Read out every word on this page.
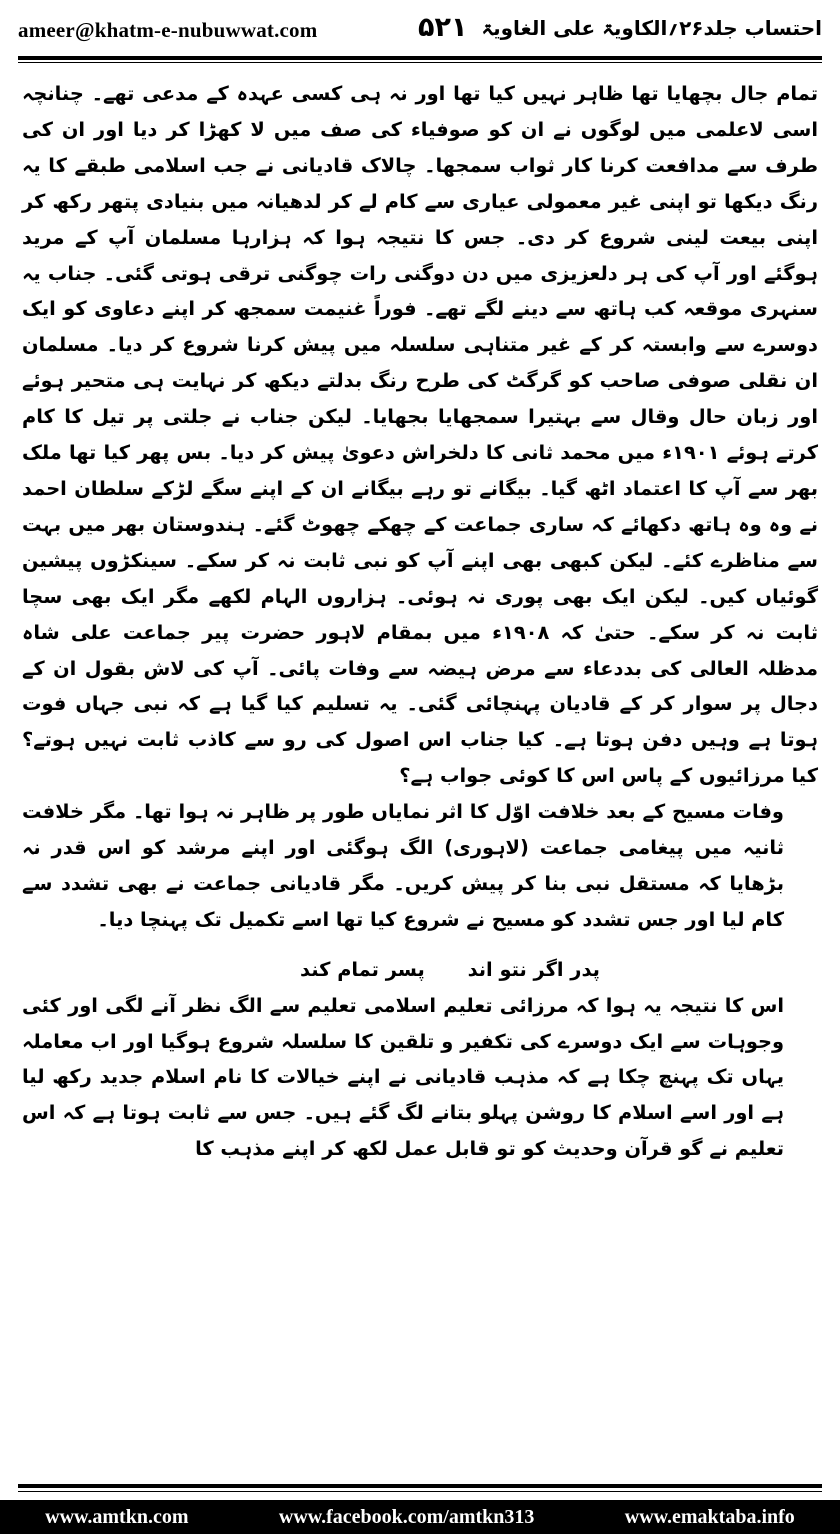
ameer@khatm-e-nubuwwat.com	۵۲۱ احتساب جلد۲۶؍الکاویۃ علی الغاویۃ

تمام جال بچھایا تھا ظاہر نہیں کیا تھا اور نہ ہی کسی عہدہ کے مدعی تھے۔ چنانچہ اسی لاعلمی میں لوگوں نے ان کو صوفیاء کی صف میں لا کھڑا کر دیا اور ان کی طرف سے مدافعت کرنا کار ثواب سمجھا۔ چالاک قادیانی نے جب اسلامی طبقے کا یہ رنگ دیکھا تو اپنی غیر معمولی عیاری سے کام لے کر لدھیانہ میں بنیادی پتھر رکھ کر اپنی بیعت لینی شروع کر دی۔ جس کا نتیجہ ہوا کہ ہزارہا مسلمان آپ کے مرید ہوگئے اور آپ کی ہر دلعزیزی میں دن دوگنی رات چوگنی ترقی ہوتی گئی۔ جناب یہ سنہری موقعہ کب ہاتھ سے دینے لگے تھے۔ فوراً غنیمت سمجھ کر اپنے دعاوی کو ایک دوسرے سے وابستہ کر کے غیر متناہی سلسلہ میں پیش کرنا شروع کر دیا۔ مسلمان ان نقلی صوفی صاحب کو گرگٹ کی طرح رنگ بدلتے دیکھ کر نہایت ہی متحیر ہوئے اور زبان حال وقال سے بہتیرا سمجھایا بجھایا۔ لیکن جناب نے جلتی پر تیل کا کام کرتے ہوئے ۱۹۰۱ء میں محمد ثانی کا دلخراش دعویٰ پیش کر دیا۔ بس پھر کیا تھا ملک بھر سے آپ کا اعتماد اٹھ گیا۔ بیگانے تو رہے بیگانے ان کے اپنے سگے لڑکے سلطان احمد نے وہ وہ ہاتھ دکھائے کہ ساری جماعت کے چھکے چھوٹ گئے۔ ہندوستان بھر میں بہت سے مناظرے کئے۔ لیکن کبھی بھی اپنے آپ کو نبی ثابت نہ کر سکے۔ سینکڑوں پیشین گوئیاں کیں۔ لیکن ایک بھی پوری نہ ہوئی۔ ہزاروں الہام لکھے مگر ایک بھی سچا ثابت نہ کر سکے۔ حتیٰ کہ ۱۹۰۸ء میں بمقام لاہور حضرت پیر جماعت علی شاہ مدظلہ العالی کی بددعاء سے مرض ہیضہ سے وفات پائی۔ آپ کی لاش بقول ان کے دجال پر سوار کر کے قادیان پہنچائی گئی۔ یہ تسلیم کیا گیا ہے کہ نبی جہاں فوت ہوتا ہے وہیں دفن ہوتا ہے۔ کیا جناب اس اصول کی رو سے کاذب ثابت نہیں ہوتے؟ کیا مرزائیوں کے پاس اس کا کوئی جواب ہے؟

وفات مسیح کے بعد خلافت اوّل کا اثر نمایاں طور پر ظاہر نہ ہوا تھا۔ مگر خلافت ثانیہ میں پیغامی جماعت (لاہوری) الگ ہوگئی اور اپنے مرشد کو اس قدر نہ بڑھایا کہ مستقل نبی بنا کر پیش کریں۔ مگر قادیانی جماعت نے بھی تشدد سے کام لیا اور جس تشدد کو مسیح نے شروع کیا تھا اسے تکمیل تک پہنچا دیا۔

پدر اگر نتو اند پسر تمام کند

اس کا نتیجہ یہ ہوا کہ مرزائی تعلیم اسلامی تعلیم سے الگ نظر آنے لگی اور کئی وجوہات سے ایک دوسرے کی تکفیر و تلقین کا سلسلہ شروع ہوگیا اور اب معاملہ یہاں تک پہنچ چکا ہے کہ مذہب قادیانی نے اپنے خیالات کا نام اسلام جدید رکھ لیا ہے اور اسے اسلام کا روشن پہلو بتانے لگ گئے ہیں۔ جس سے ثابت ہوتا ہے کہ اس تعلیم نے گو قرآن وحدیث کو تو قابل عمل لکھ کر اپنے مذہب کا

www.amtkn.com	www.facebook.com/amtkn313	www.emaktaba.info
